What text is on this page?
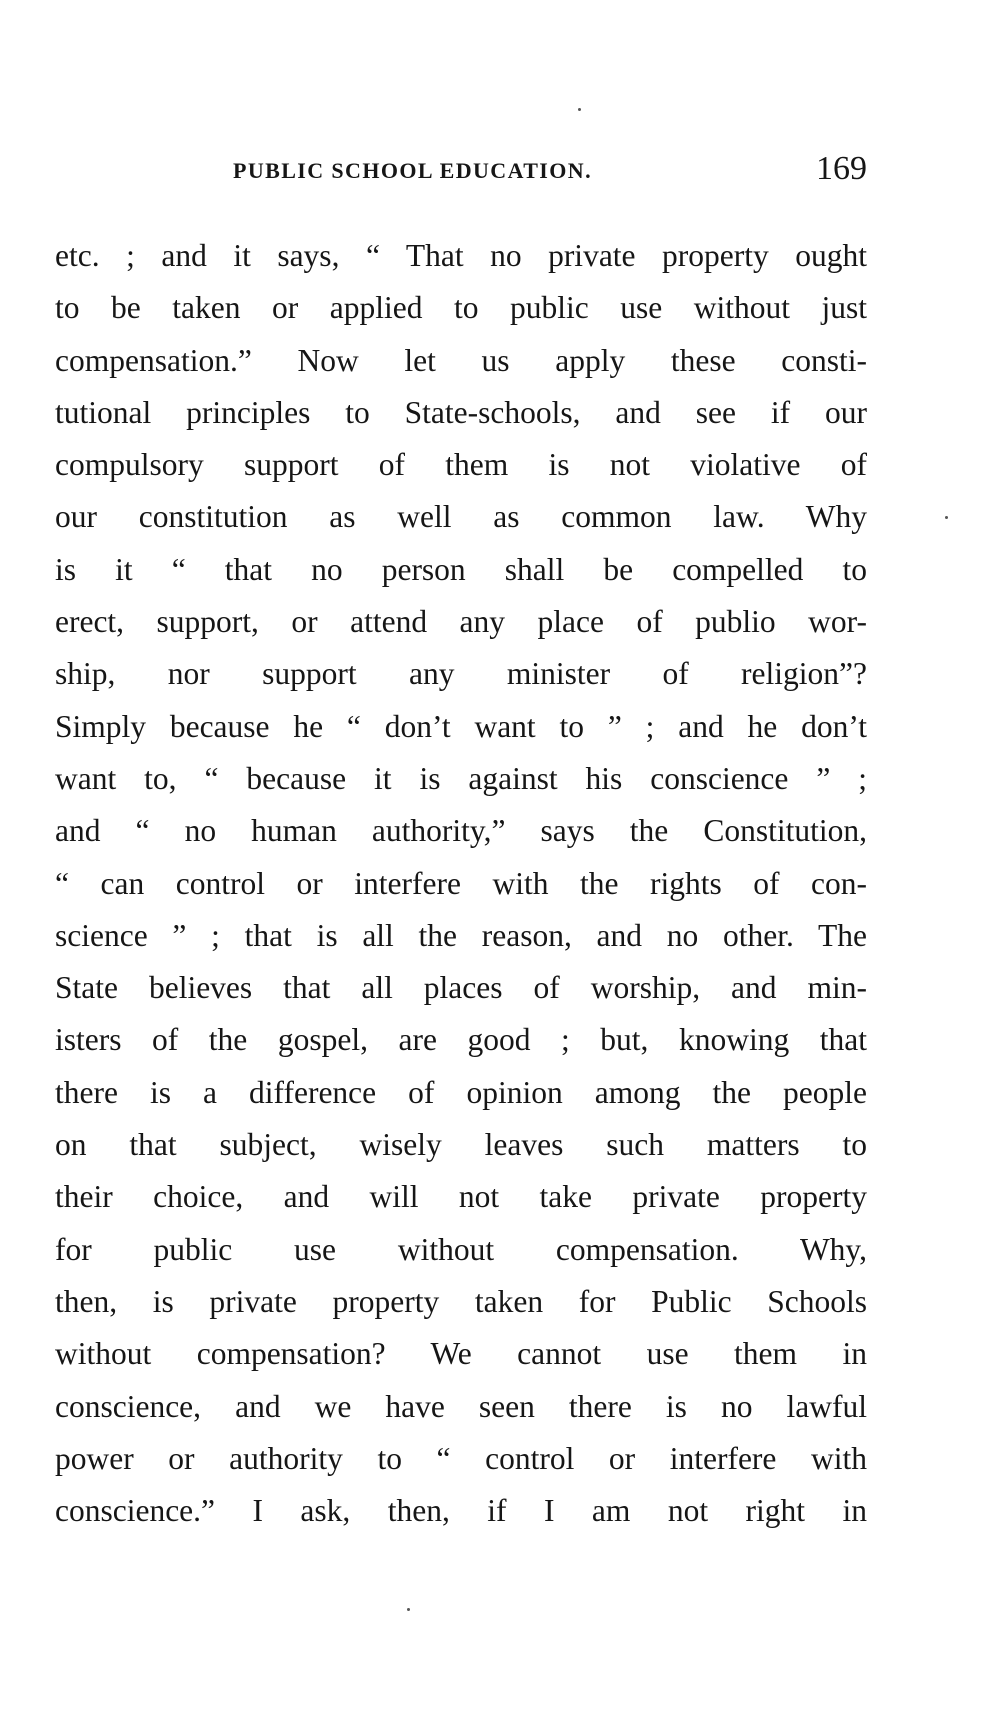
PUBLIC SCHOOL EDUCATION.	169
etc. ; and it says, “ That no private property ought
to be taken or applied to public use without just
compensation.” Now let us apply these consti-
tutional principles to State-schools, and see if our
compulsory support of them is not violative of
our constitution as well as common law. Why
is it “ that no person shall be compelled to
erect, support, or attend any place of publio wor-
ship, nor support any minister of religion”?
Simply because he “ don’t want to ” ; and he don’t
want to, “ because it is against his conscience ” ;
and “ no human authority,” says the Constitution,
“ can control or interfere with the rights of con-
science ” ; that is all the reason, and no other. The
State believes that all places of worship, and min-
isters of the gospel, are good ; but, knowing that
there is a difference of opinion among the people
on that subject, wisely leaves such matters to
their choice, and will not take private property
for public use without compensation. Why,
then, is private property taken for Public Schools
without compensation? We cannot use them in
conscience, and we have seen there is no lawful
power or authority to “ control or interfere with
conscience.” I ask, then, if I am not right in
